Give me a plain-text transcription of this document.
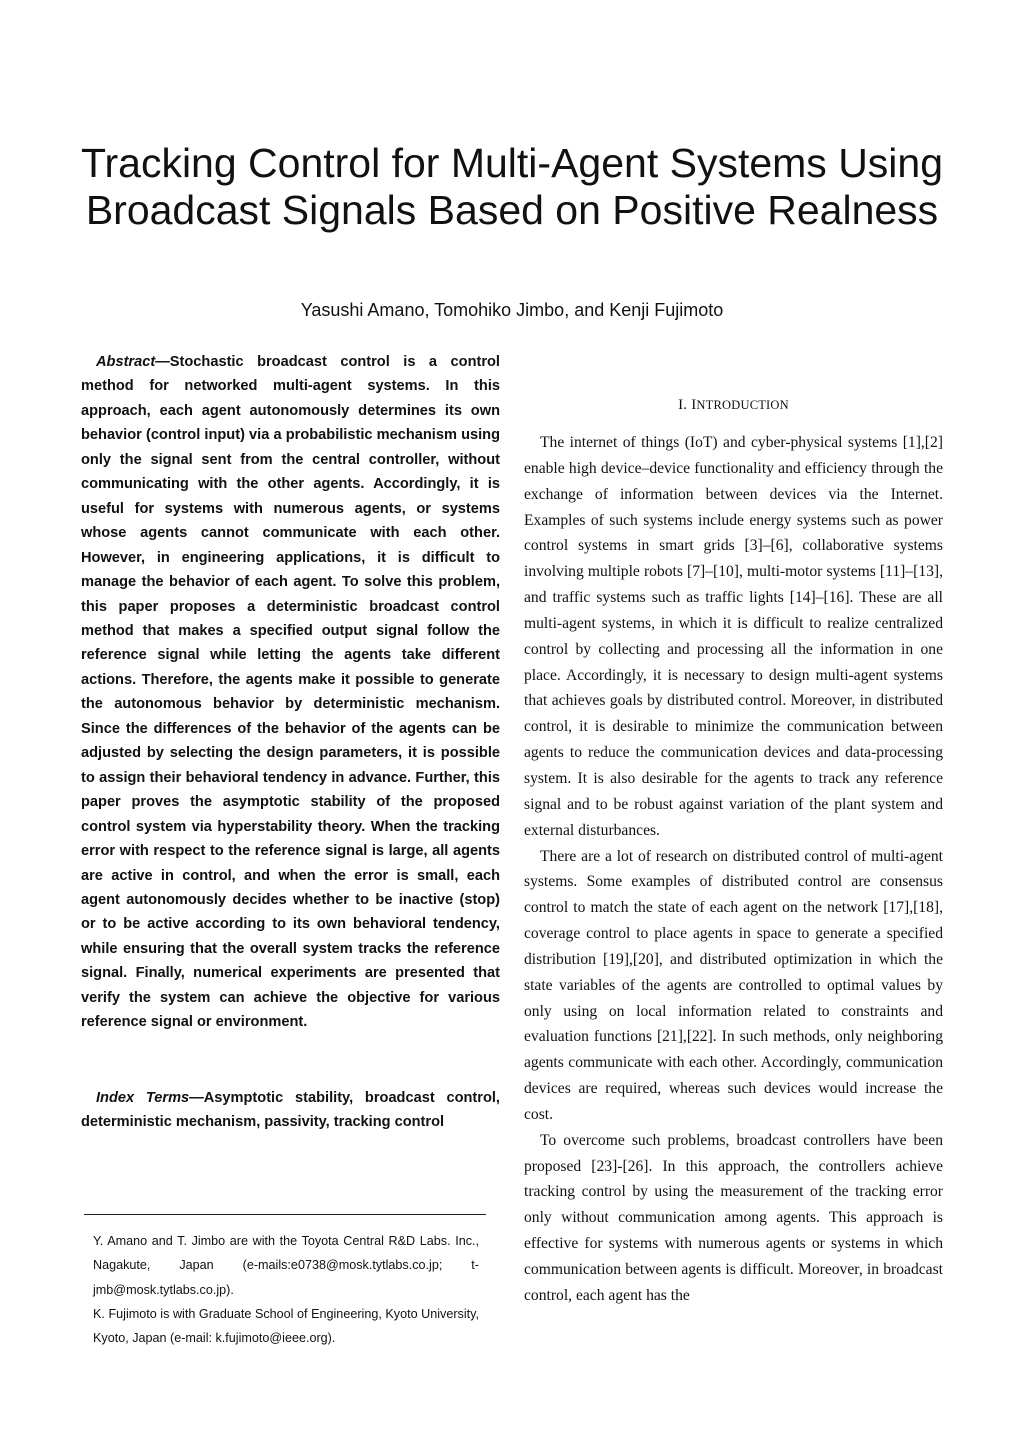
Tracking Control for Multi-Agent Systems Using Broadcast Signals Based on Positive Realness
Yasushi Amano, Tomohiko Jimbo, and Kenji Fujimoto

Abstract—Stochastic broadcast control is a control method for networked multi-agent systems. In this approach, each agent autonomously determines its own behavior (control input) via a probabilistic mechanism using only the signal sent from the central controller, without communicating with the other agents. Accordingly, it is useful for systems with numerous agents, or systems whose agents cannot communicate with each other. However, in engineering applications, it is difficult to manage the behavior of each agent. To solve this problem, this paper proposes a deterministic broadcast control method that makes a specified output signal follow the reference signal while letting the agents take different actions. Therefore, the agents make it possible to generate the autonomous behavior by deterministic mechanism. Since the differences of the behavior of the agents can be adjusted by selecting the design parameters, it is possible to assign their behavioral tendency in advance. Further, this paper proves the asymptotic stability of the proposed control system via hyperstability theory. When the tracking error with respect to the reference signal is large, all agents are active in control, and when the error is small, each agent autonomously decides whether to be inactive (stop) or to be active according to its own behavioral tendency, while ensuring that the overall system tracks the reference signal. Finally, numerical experiments are presented that verify the system can achieve the objective for various reference signal or environment.

Index Terms—Asymptotic stability, broadcast control, deterministic mechanism, passivity, tracking control

Y. Amano and T. Jimbo are with the Toyota Central R&D Labs. Inc., Nagakute, Japan (e-mails:e0738@mosk.tytlabs.co.jp; t-jmb@mosk.tytlabs.co.jp).

K. Fujimoto is with Graduate School of Engineering, Kyoto University, Kyoto, Japan (e-mail: k.fujimoto@ieee.org).

I. INTRODUCTION

The internet of things (IoT) and cyber-physical systems [1],[2] enable high device–device functionality and efficiency through the exchange of information between devices via the Internet. Examples of such systems include energy systems such as power control systems in smart grids [3]–[6], collaborative systems involving multiple robots [7]–[10], multi-motor systems [11]–[13], and traffic systems such as traffic lights [14]–[16]. These are all multi-agent systems, in which it is difficult to realize centralized control by collecting and processing all the information in one place. Accordingly, it is necessary to design multi-agent systems that achieves goals by distributed control. Moreover, in distributed control, it is desirable to minimize the communication between agents to reduce the communication devices and data-processing system. It is also desirable for the agents to track any reference signal and to be robust against variation of the plant system and external disturbances.

There are a lot of research on distributed control of multi-agent systems. Some examples of distributed control are consensus control to match the state of each agent on the network [17],[18], coverage control to place agents in space to generate a specified distribution [19],[20], and distributed optimization in which the state variables of the agents are controlled to optimal values by only using on local information related to constraints and evaluation functions [21],[22]. In such methods, only neighboring agents communicate with each other. Accordingly, communication devices are required, whereas such devices would increase the cost.

To overcome such problems, broadcast controllers have been proposed [23]-[26]. In this approach, the controllers achieve tracking control by using the measurement of the tracking error only without communication among agents. This approach is effective for systems with numerous agents or systems in which communication between agents is difficult. Moreover, in broadcast control, each agent has the
